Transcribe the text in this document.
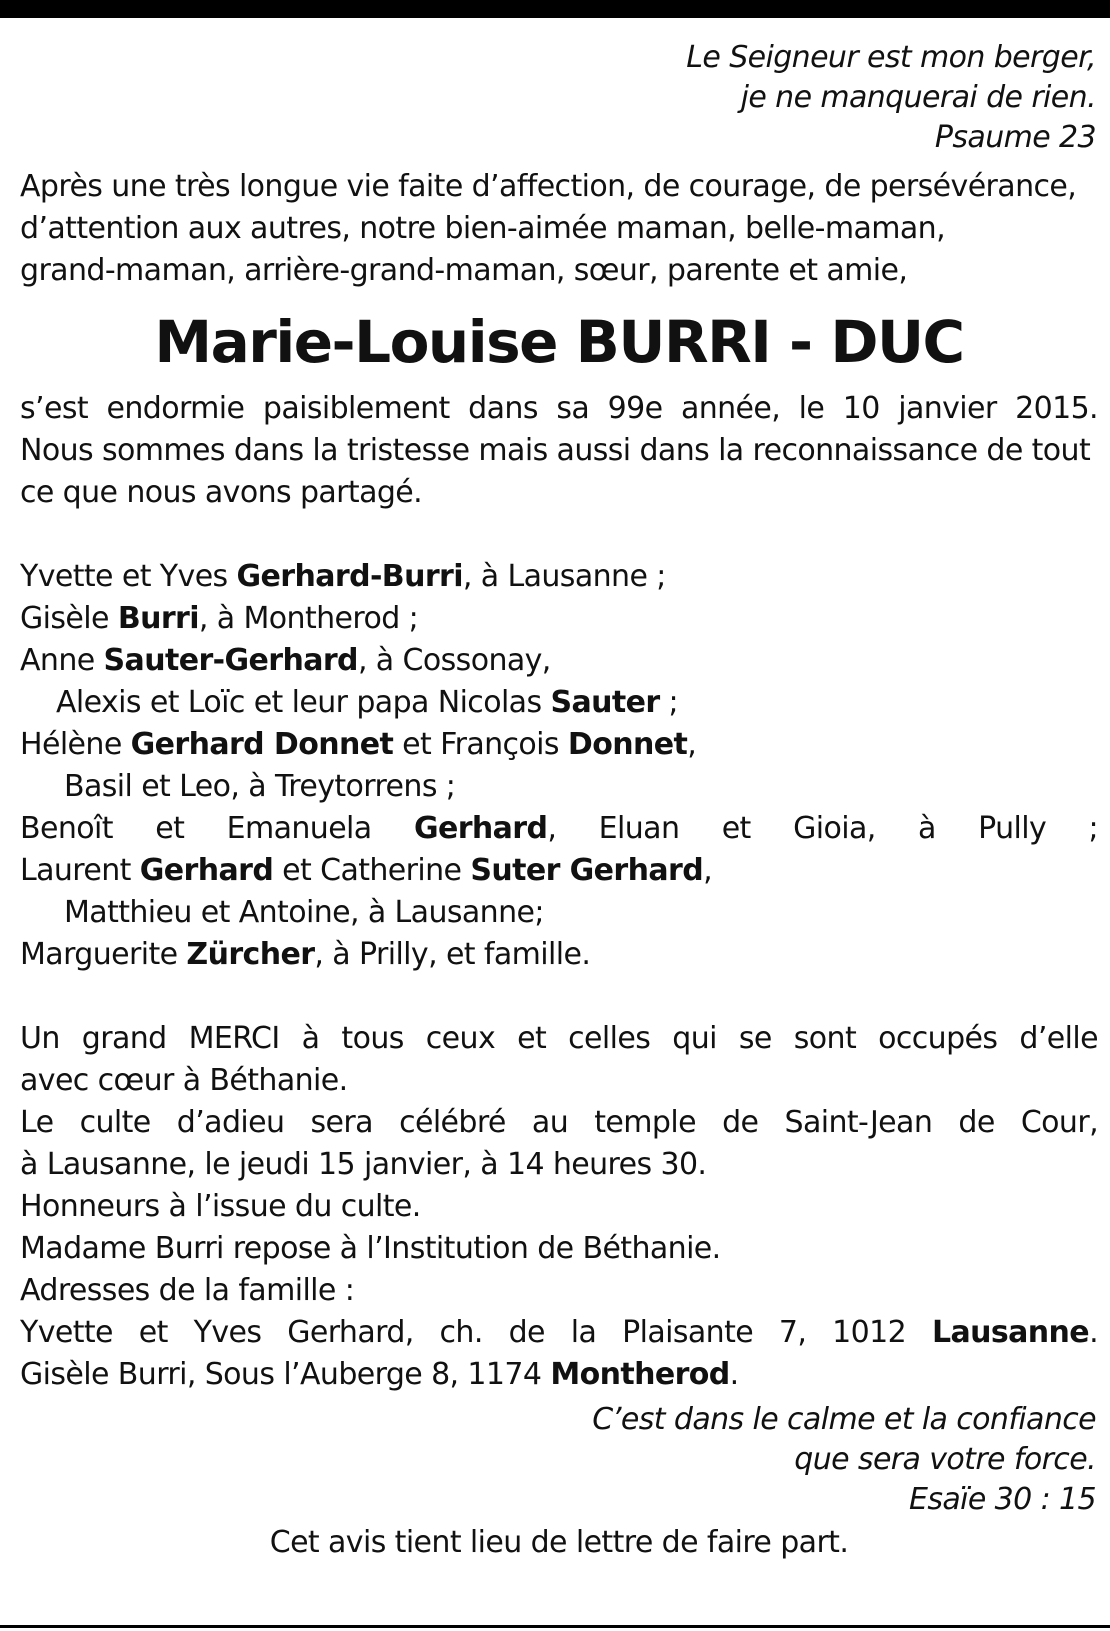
Le Seigneur est mon berger,
je ne manquerai de rien.
Psaume 23
Après une très longue vie faite d’affection, de courage, de persévérance,
d’attention aux autres, notre bien-aimée maman, belle-maman,
grand-maman, arrière-grand-maman, sœur, parente et amie,
Marie-Louise BURRI - DUC
s’est endormie paisiblement dans sa 99e année, le 10 janvier 2015.
Nous sommes dans la tristesse mais aussi dans la reconnaissance de tout
ce que nous avons partagé.
Yvette et Yves Gerhard-Burri, à Lausanne ;
Gisèle Burri, à Montherod ;
Anne Sauter-Gerhard, à Cossonay,
Alexis et Loïc et leur papa Nicolas Sauter ;
Hélène Gerhard Donnet et François Donnet,
Basil et Leo, à Treytorrens ;
Benoît et Emanuela Gerhard, Eluan et Gioia, à Pully ;
Laurent Gerhard et Catherine Suter Gerhard,
Matthieu et Antoine, à Lausanne;
Marguerite Zürcher, à Prilly, et famille.
Un grand MERCI à tous ceux et celles qui se sont occupés d’elle
avec cœur à Béthanie.
Le culte d’adieu sera célébré au temple de Saint-Jean de Cour,
à Lausanne, le jeudi 15 janvier, à 14 heures 30.
Honneurs à l’issue du culte.
Madame Burri repose à l’Institution de Béthanie.
Adresses de la famille :
Yvette et Yves Gerhard, ch. de la Plaisante 7, 1012 Lausanne.
Gisèle Burri, Sous l’Auberge 8, 1174 Montherod.
C’est dans le calme et la confiance
que sera votre force.
Esaïe 30 : 15
Cet avis tient lieu de lettre de faire part.
